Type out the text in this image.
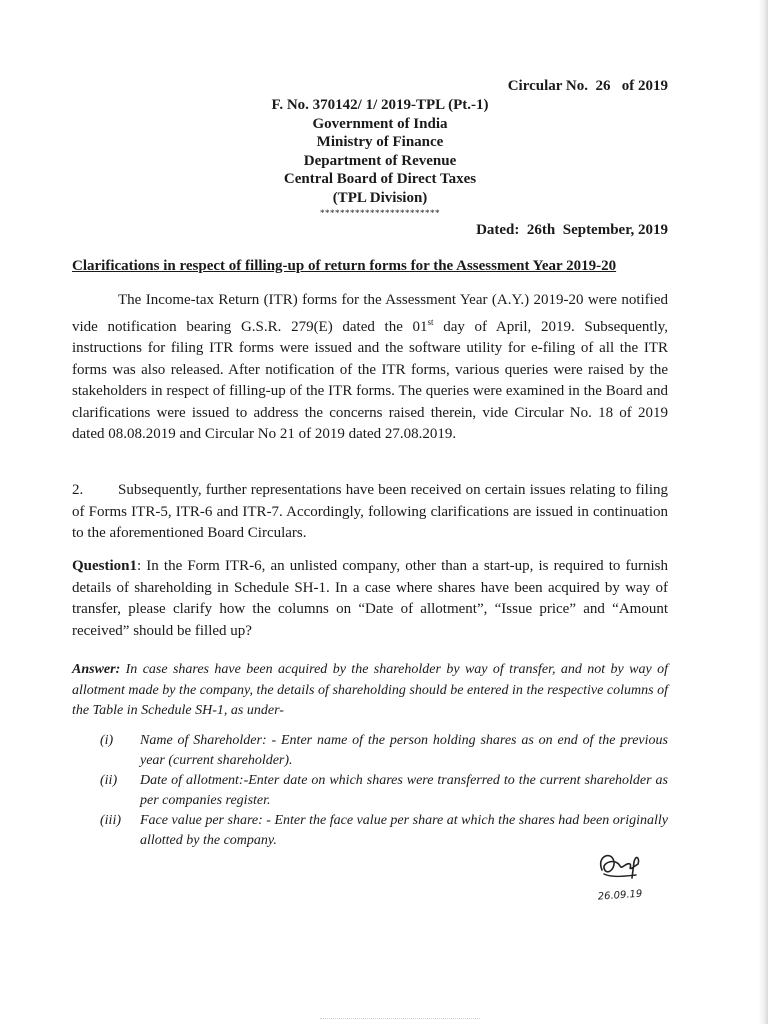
Circular No.  26   of 2019
F. No. 370142/ 1/ 2019-TPL (Pt.-1)
Government of India
Ministry of Finance
Department of Revenue
Central Board of Direct Taxes
(TPL Division)
************************
Dated:  26th  September, 2019
Clarifications in respect of filling-up of return forms for the Assessment Year 2019-20
The Income-tax Return (ITR) forms for the Assessment Year (A.Y.) 2019-20 were notified vide notification bearing G.S.R. 279(E) dated the 01st day of April, 2019. Subsequently, instructions for filing ITR forms were issued and the software utility for e-filing of all the ITR forms was also released. After notification of the ITR forms, various queries were raised by the stakeholders in respect of filling-up of the ITR forms. The queries were examined in the Board and clarifications were issued to address the concerns raised therein, vide Circular No. 18 of 2019 dated 08.08.2019 and Circular No 21 of 2019 dated 27.08.2019.
2. Subsequently, further representations have been received on certain issues relating to filing of Forms ITR-5, ITR-6 and ITR-7. Accordingly, following clarifications are issued in continuation to the aforementioned Board Circulars.
Question1: In the Form ITR-6, an unlisted company, other than a start-up, is required to furnish details of shareholding in Schedule SH-1. In a case where shares have been acquired by way of transfer, please clarify how the columns on “Date of allotment”, “Issue price” and “Amount received” should be filled up?
Answer: In case shares have been acquired by the shareholder by way of transfer, and not by way of allotment made by the company, the details of shareholding should be entered in the respective columns of the Table in Schedule SH-1, as under-
(i)	Name of Shareholder: - Enter name of the person holding shares as on end of the previous year (current shareholder).
(ii)	Date of allotment:-Enter date on which shares were transferred to the current shareholder as per companies register.
(iii)	Face value per share: - Enter the face value per share at which the shares had been originally allotted by the company.
26.09.19
